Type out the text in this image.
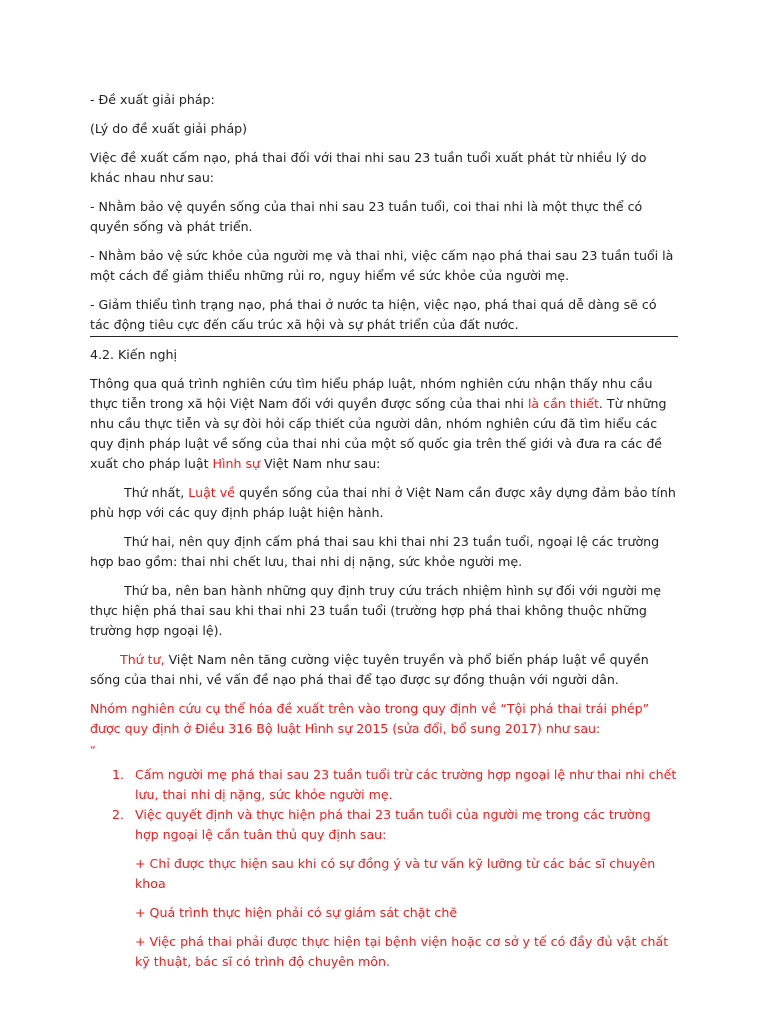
- Đề xuất giải pháp:

(Lý do đề xuất giải pháp)

Việc đề xuất cấm nạo, phá thai đối với thai nhi sau 23 tuần tuổi xuất phát từ nhiều lý do khác nhau như sau:

- Nhằm bảo vệ quyền sống của thai nhi sau 23 tuần tuổi, coi thai nhi là một thực thể có quyền sống và phát triển.

- Nhằm bảo vệ sức khỏe của người mẹ và thai nhi, việc cấm nạo phá thai sau 23 tuần tuổi là một cách để giảm thiểu những rủi ro, nguy hiểm về sức khỏe của người mẹ.

- Giảm thiểu tình trạng nạo, phá thai ở nước ta hiện, việc nạo, phá thai quá dễ dàng sẽ có tác động tiêu cực đến cấu trúc xã hội và sự phát triển của đất nước.

4.2. Kiến nghị

Thông qua quá trình nghiên cứu tìm hiểu pháp luật, nhóm nghiên cứu nhận thấy nhu cầu thực tiễn trong xã hội Việt Nam đối với quyền được sống của thai nhi là cần thiết. Từ những nhu cầu thực tiễn và sự đòi hỏi cấp thiết của người dân, nhóm nghiên cứu đã tìm hiểu các quy định pháp luật về sống của thai nhi của một số quốc gia trên thế giới và đưa ra các đề xuất cho pháp luật Hình sự Việt Nam như sau:

Thứ nhất, Luật về quyền sống của thai nhi ở Việt Nam cần được xây dựng đảm bảo tính phù hợp với các quy định pháp luật hiện hành.

Thứ hai, nên quy định cấm phá thai sau khi thai nhi 23 tuần tuổi, ngoại lệ các trường hợp bao gồm: thai nhi chết lưu, thai nhi dị nặng, sức khỏe người mẹ.

Thứ ba, nên ban hành những quy định truy cứu trách nhiệm hình sự đối với người mẹ thực hiện phá thai sau khi thai nhi 23 tuần tuổi (trường hợp phá thai không thuộc những trường hợp ngoại lệ).

Thứ tư, Việt Nam nên tăng cường việc tuyên truyền và phổ biến pháp luật về quyền sống của thai nhi, về vấn đề nạo phá thai để tạo được sự đồng thuận với người dân.

Nhóm nghiên cứu cụ thể hóa đề xuất trên vào trong quy định về “Tội phá thai trái phép” được quy định ở Điều 316 Bộ luật Hình sự 2015 (sửa đổi, bổ sung 2017) như sau:

“

1. Cấm người mẹ phá thai sau 23 tuần tuổi trừ các trường hợp ngoại lệ như thai nhi chết lưu, thai nhi dị nặng, sức khỏe người mẹ.
2. Việc quyết định và thực hiện phá thai 23 tuần tuổi của người mẹ trong các trường hợp ngoại lệ cần tuân thủ quy định sau:

+ Chỉ được thực hiện sau khi có sự đồng ý và tư vấn kỹ lưỡng từ các bác sĩ chuyên khoa

+ Quá trình thực hiện phải có sự giám sát chặt chẽ

+ Việc phá thai phải được thực hiện tại bệnh viện hoặc cơ sở y tế có đầy đủ vật chất kỹ thuật, bác sĩ có trình độ chuyên môn.
